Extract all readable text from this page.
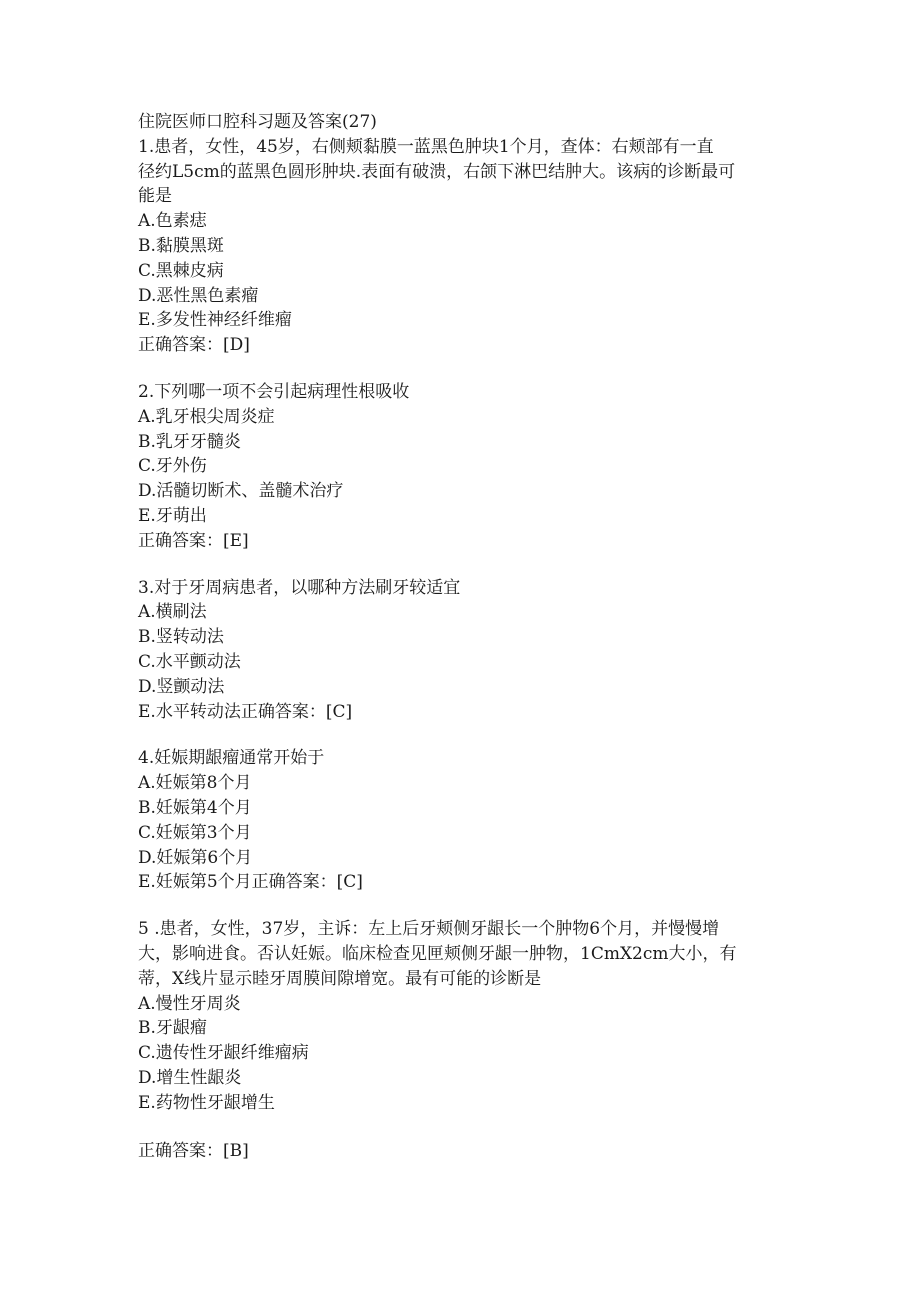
住院医师口腔科习题及答案(27)

1.患者，女性，45岁，右侧颊黏膜一蓝黑色肿块1个月，查体：右颊部有一直

径约L5cm的蓝黑色圆形肿块.表面有破溃，右颌下淋巴结肿大。该病的诊断最可

能是

A.色素痣

B.黏膜黑斑

C.黑棘皮病

D.恶性黑色素瘤

E.多发性神经纤维瘤

正确答案：[D]

2.下列哪一项不会引起病理性根吸收

A.乳牙根尖周炎症

B.乳牙牙髓炎

C.牙外伤

D.活髓切断术、盖髓术治疗

E.牙萌出

正确答案：[E]

3.对于牙周病患者，以哪种方法刷牙较适宜

A.横刷法

B.竖转动法

C.水平颤动法

D.竖颤动法

E.水平转动法正确答案：[C]

4.妊娠期龈瘤通常开始于

A.妊娠第8个月

B.妊娠第4个月

C.妊娠第3个月

D.妊娠第6个月

E.妊娠第5个月正确答案：[C]

5 .患者，女性，37岁，主诉：左上后牙颊侧牙龈长一个肿物6个月，并慢慢增

大，影响进食。否认妊娠。临床检查见匣颊侧牙龈一肿物，1CmX2cm大小，有

蒂，X线片显示睦牙周膜间隙增宽。最有可能的诊断是

A.慢性牙周炎

B.牙龈瘤

C.遗传性牙龈纤维瘤病

D.增生性龈炎

E.药物性牙龈增生

正确答案：[B]
